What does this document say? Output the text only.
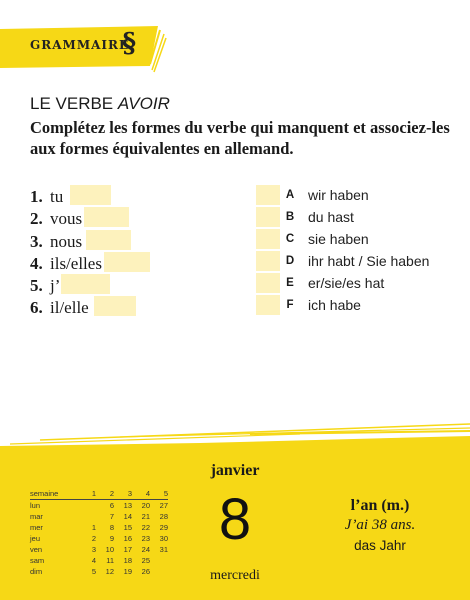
GRAMMAIRE
§
LE VERBE AVOIR
Complétez les formes du verbe qui manquent et associez-les aux formes équivalentes en allemand.
1. tu
2. vous
3. nous
4. ils/elles
5. j’
6. il/elle
A wir haben
B du hast
C sie haben
D ihr habt / Sie haben
E er/sie/es hat
F ich habe
semaine	1	2	3	4	5
lun		6	13	20	27
mar		7	14	21	28
mer	1	8	15	22	29
jeu	2	9	16	23	30
ven	3	10	17	24	31
sam	4	11	18	25	
dim	5	12	19	26	
janvier
8
mercredi
l’an (m.)
J’ai 38 ans.
das Jahr
